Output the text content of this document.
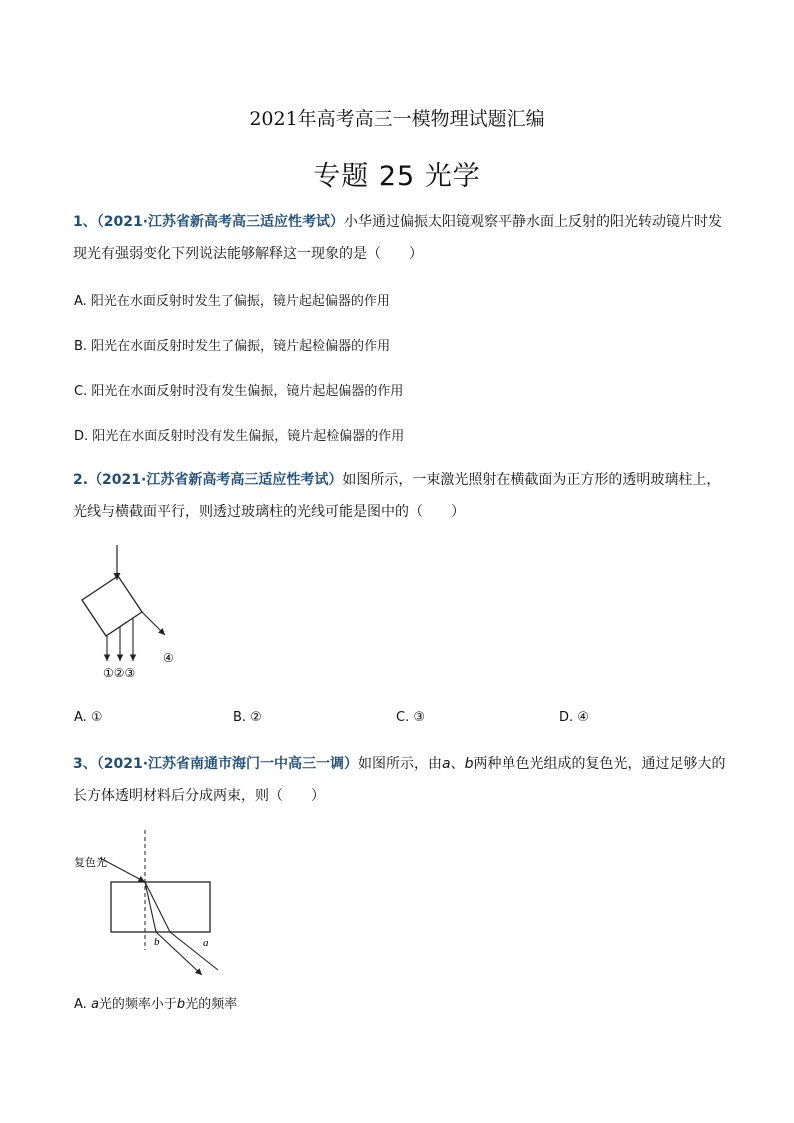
2021年高考高三一模物理试题汇编
专题 25 光学
1、（2021·江苏省新高考高三适应性考试）小华通过偏振太阳镜观察平静水面上反射的阳光转动镜片时发
现光有强弱变化下列说法能够解释这一现象的是（　　）
A. 阳光在水面反射时发生了偏振，镜片起起偏器的作用
B. 阳光在水面反射时发生了偏振，镜片起检偏器的作用
C. 阳光在水面反射时没有发生偏振，镜片起起偏器的作用
D. 阳光在水面反射时没有发生偏振，镜片起检偏器的作用
2.（2021·江苏省新高考高三适应性考试）如图所示，一束激光照射在横截面为正方形的透明玻璃柱上，
光线与横截面平行，则透过玻璃柱的光线可能是图中的（　　）
①②③
④
A. ①	B. ②	C. ③	D. ④
3、（2021·江苏省南通市海门一中高三一调）如图所示，由a、b两种单色光组成的复色光，通过足够大的
长方体透明材料后分成两束，则（　　）
复色光
b	a
A. a光的频率小于b光的频率
